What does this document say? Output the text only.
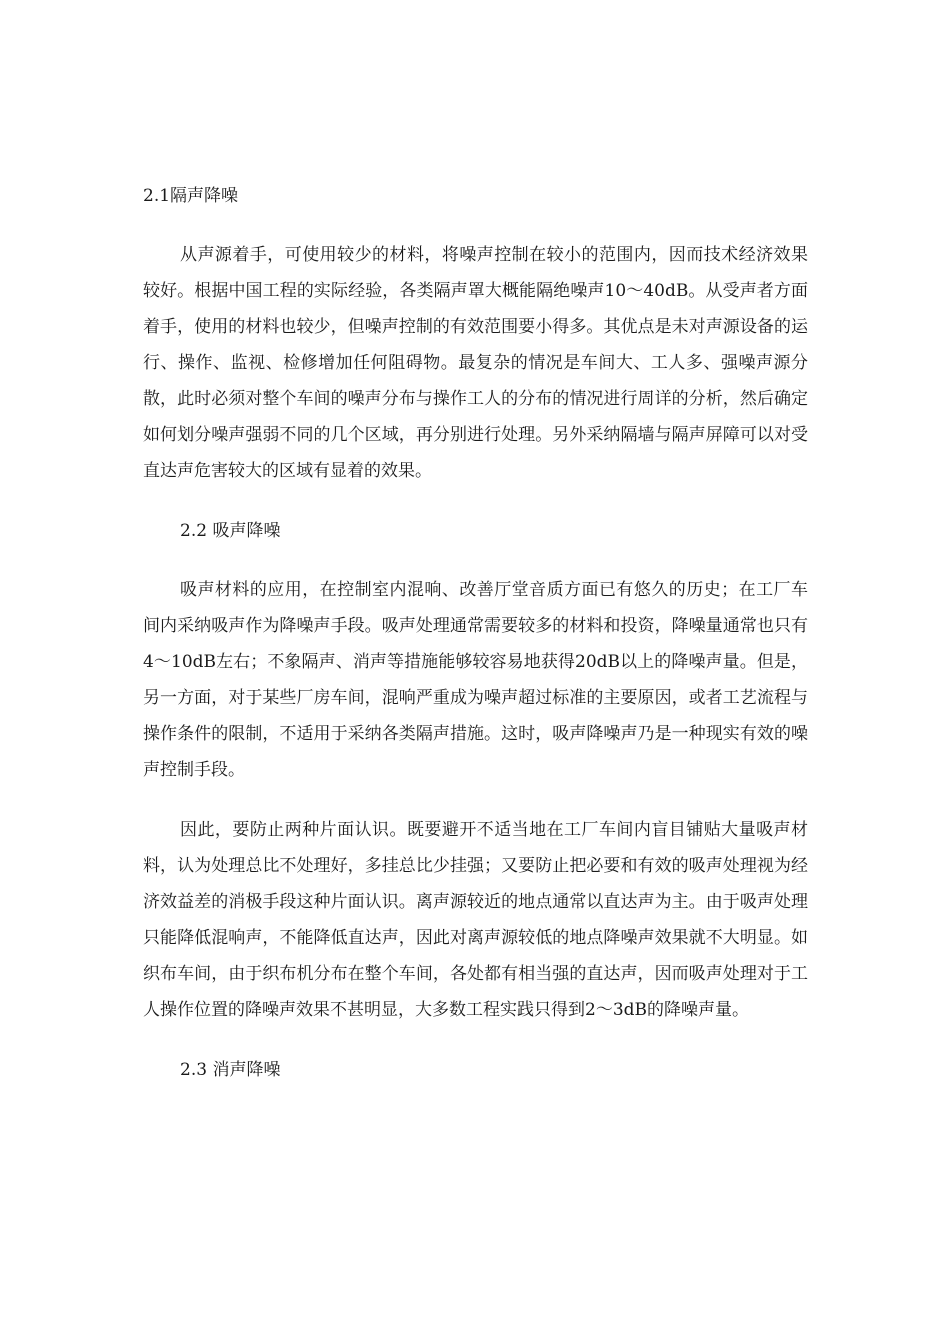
2.1隔声降噪

从声源着手，可使用较少的材料，将噪声控制在较小的范围内，因而技术经济效果较好。根据中国工程的实际经验，各类隔声罩大概能隔绝噪声10～40dB。从受声者方面着手，使用的材料也较少，但噪声控制的有效范围要小得多。其优点是未对声源设备的运行、操作、监视、检修增加任何阻碍物。最复杂的情况是车间大、工人多、强噪声源分散，此时必须对整个车间的噪声分布与操作工人的分布的情况进行周详的分析，然后确定如何划分噪声强弱不同的几个区域，再分别进行处理。另外采纳隔墙与隔声屏障可以对受直达声危害较大的区域有显着的效果。

2.2 吸声降噪

吸声材料的应用，在控制室内混响、改善厅堂音质方面已有悠久的历史；在工厂车间内采纳吸声作为降噪声手段。吸声处理通常需要较多的材料和投资，降噪量通常也只有4～10dB左右；不象隔声、消声等措施能够较容易地获得20dB以上的降噪声量。但是，另一方面，对于某些厂房车间，混响严重成为噪声超过标准的主要原因，或者工艺流程与操作条件的限制，不适用于采纳各类隔声措施。这时，吸声降噪声乃是一种现实有效的噪声控制手段。

因此，要防止两种片面认识。既要避开不适当地在工厂车间内盲目铺贴大量吸声材料，认为处理总比不处理好，多挂总比少挂强；又要防止把必要和有效的吸声处理视为经济效益差的消极手段这种片面认识。离声源较近的地点通常以直达声为主。由于吸声处理只能降低混响声，不能降低直达声，因此对离声源较低的地点降噪声效果就不大明显。如织布车间，由于织布机分布在整个车间，各处都有相当强的直达声，因而吸声处理对于工人操作位置的降噪声效果不甚明显，大多数工程实践只得到2～3dB的降噪声量。

2.3 消声降噪
